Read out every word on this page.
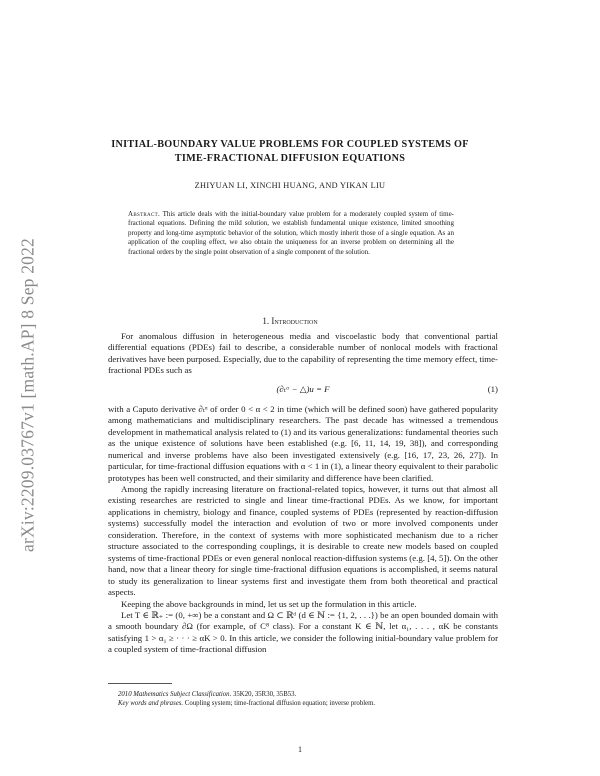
arXiv:2209.03767v1 [math.AP] 8 Sep 2022
INITIAL-BOUNDARY VALUE PROBLEMS FOR COUPLED SYSTEMS OF
TIME-FRACTIONAL DIFFUSION EQUATIONS
ZHIYUAN LI, XINCHI HUANG, AND YIKAN LIU
Abstract. This article deals with the initial-boundary value problem for a moderately coupled system of time-fractional equations. Defining the mild solution, we establish fundamental unique existence, limited smoothing property and long-time asymptotic behavior of the solution, which mostly inherit those of a single equation. As an application of the coupling effect, we also obtain the uniqueness for an inverse problem on determining all the fractional orders by the single point observation of a single component of the solution.
1. Introduction

For anomalous diffusion in heterogeneous media and viscoelastic body that conventional partial differential equations (PDEs) fail to describe, a considerable number of nonlocal models with fractional derivatives have been purposed. Especially, due to the capability of representing the time memory effect, time-fractional PDEs such as

(∂ₜᵅ − △)u = F	(1)

with a Caputo derivative ∂ₜᵅ of order 0 < α < 2 in time (which will be defined soon) have gathered popularity among mathematicians and multidisciplinary researchers. The past decade has witnessed a tremendous development in mathematical analysis related to (1) and its various generalizations: fundamental theories such as the unique existence of solutions have been established (e.g. [6, 11, 14, 19, 38]), and corresponding numerical and inverse problems have also been investigated extensively (e.g. [16, 17, 23, 26, 27]). In particular, for time-fractional diffusion equations with α < 1 in (1), a linear theory equivalent to their parabolic prototypes has been well constructed, and their similarity and difference have been clarified.

Among the rapidly increasing literature on fractional-related topics, however, it turns out that almost all existing researches are restricted to single and linear time-fractional PDEs. As we know, for important applications in chemistry, biology and finance, coupled systems of PDEs (represented by reaction-diffusion systems) successfully model the interaction and evolution of two or more involved components under consideration. Therefore, in the context of systems with more sophisticated mechanism due to a richer structure associated to the corresponding couplings, it is desirable to create new models based on coupled systems of time-fractional PDEs or even general nonlocal reaction-diffusion systems (e.g. [4, 5]). On the other hand, now that a linear theory for single time-fractional diffusion equations is accomplished, it seems natural to study its generalization to linear systems first and investigate them from both theoretical and practical aspects.

Keeping the above backgrounds in mind, let us set up the formulation in this article.

Let T ∈ ℝ₊ := (0, +∞) be a constant and Ω ⊂ ℝᵈ (d ∈ ℕ := {1, 2, . . .}) be an open bounded domain with a smooth boundary ∂Ω (for example, of C⁸ class). For a constant K ∈ ℕ, let α₁, . . . , αK be constants satisfying 1 > α₁ ≥ · · · ≥ αK > 0. In this article, we consider the following initial-boundary value problem for a coupled system of time-fractional diffusion

2010 Mathematics Subject Classification. 35K20, 35R30, 35B53.
Key words and phrases. Coupling system; time-fractional diffusion equation; inverse problem.
1
